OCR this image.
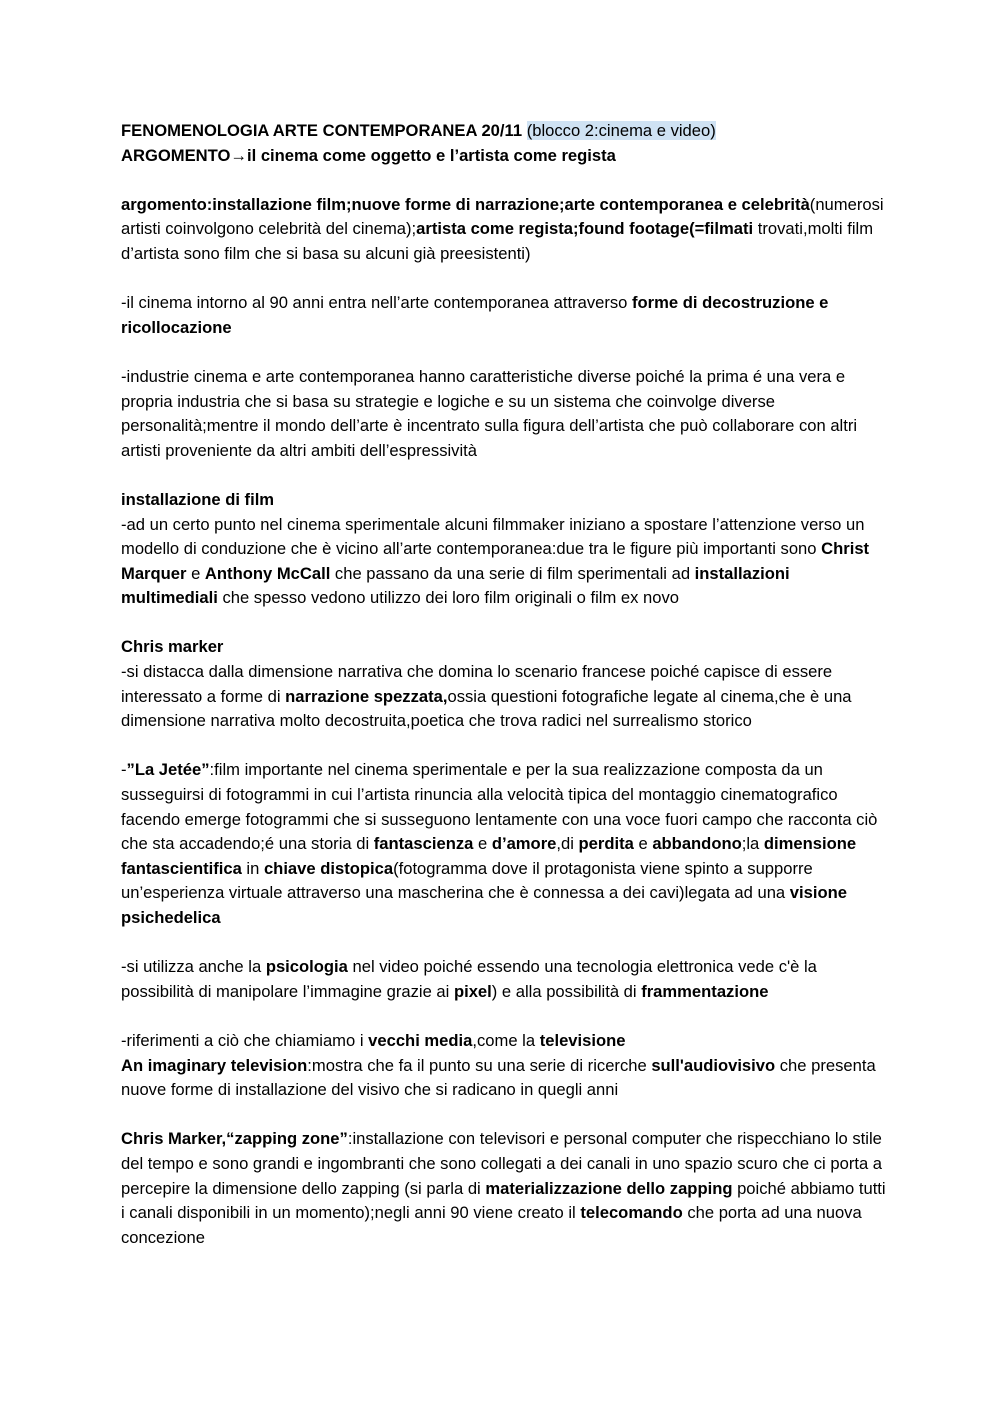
FENOMENOLOGIA ARTE CONTEMPORANEA 20/11 (blocco 2:cinema e video)
ARGOMENTO→il cinema come oggetto e l’artista come regista
argomento:installazione film;nuove forme di narrazione;arte contemporanea e celebrità(numerosi artisti coinvolgono celebrità del cinema);artista come regista;found footage(=filmati trovati,molti film d’artista sono film che si basa su alcuni già preesistenti)
-il cinema intorno al 90 anni entra nell’arte contemporanea attraverso forme di decostruzione e ricollocazione
-industrie cinema e arte contemporanea hanno caratteristiche diverse poiché la prima é una vera e propria industria che si basa su strategie e logiche e su un sistema che coinvolge diverse personalità;mentre il mondo dell’arte è incentrato sulla figura dell’artista che può collaborare con altri artisti proveniente da altri ambiti dell’espressività
installazione di film
-ad un certo punto nel cinema sperimentale alcuni filmmaker iniziano a spostare l’attenzione verso un modello di conduzione che è vicino all’arte contemporanea:due tra le figure più importanti sono Christ Marquer e Anthony McCall che passano da una serie di film sperimentali ad installazioni multimediali che spesso vedono utilizzo dei loro film originali o film ex novo
Chris marker
-si distacca dalla dimensione narrativa che domina lo scenario francese poiché capisce di essere interessato a forme di narrazione spezzata,ossia questioni fotografiche legate al cinema,che è una dimensione narrativa molto decostruita,poetica che trova radici nel surrealismo storico
-”La Jetée”:film importante nel cinema sperimentale e per la sua realizzazione composta da un susseguirsi di fotogrammi in cui l’artista rinuncia alla velocità tipica del montaggio cinematografico facendo emerge fotogrammi che si susseguono lentamente con una voce fuori campo che racconta ciò che sta accadendo;é una storia di fantascienza e d’amore,di perdita e abbandono;la dimensione fantascientifica in chiave distopica(fotogramma dove il protagonista viene spinto a supporre un’esperienza virtuale attraverso una mascherina che è connessa a dei cavi)legata ad una visione psichedelica
-si utilizza anche la psicologia nel video poiché essendo una tecnologia elettronica vede c'è la possibilità di manipolare l’immagine grazie ai pixel) e alla possibilità di frammentazione
-riferimenti a ciò che chiamiamo i vecchi media,come la televisione
An imaginary television:mostra che fa il punto su una serie di ricerche sull'audiovisivo che presenta nuove forme di installazione del visivo che si radicano in quegli anni
Chris Marker,“zapping zone”:installazione con televisori e personal computer che rispecchiano lo stile del tempo e sono grandi e ingombranti che sono collegati a dei canali in uno spazio scuro che ci porta a percepire la dimensione dello zapping (si parla di materializzazione dello zapping poiché abbiamo tutti i canali disponibili in un momento);negli anni 90 viene creato il telecomando che porta ad una nuova concezione
